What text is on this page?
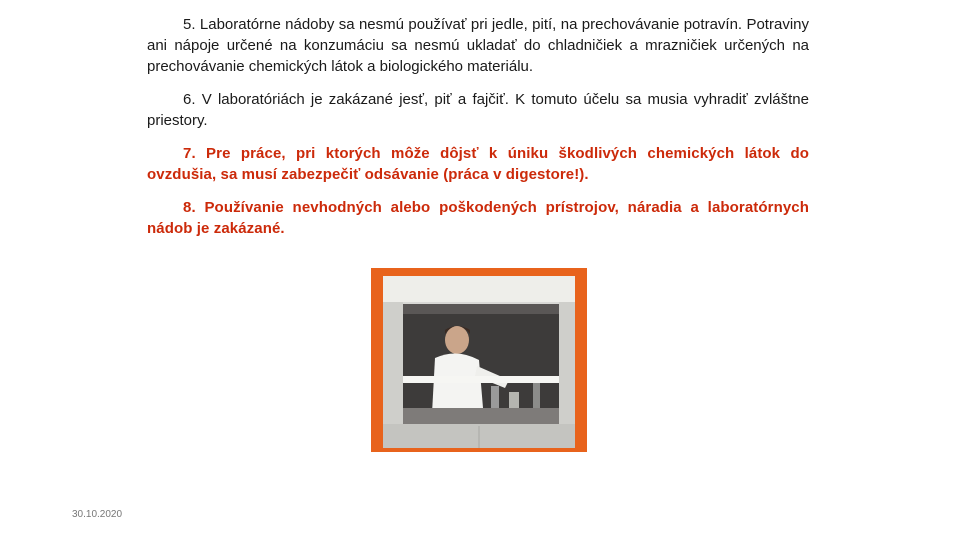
5. Laboratórne nádoby sa nesmú používať pri jedle, pití, na prechovávanie potravín. Potraviny ani nápoje určené na konzumáciu sa nesmú ukladať do chladničiek a mrazničiek určených na prechovávanie chemických látok a biologického materiálu.

6. V laboratóriách je zakázané jesť, piť a fajčiť. K tomuto účelu sa musia vyhradiť zvláštne priestory.

7. Pre práce, pri ktorých môže dôjsť k úniku škodlivých chemických látok do ovzdušia, sa musí zabezpečiť odsávanie (práca v digestore!).

8. Používanie nevhodných alebo poškodených prístrojov, náradia a laboratórnych nádob je zakázané.

30.10.2020
